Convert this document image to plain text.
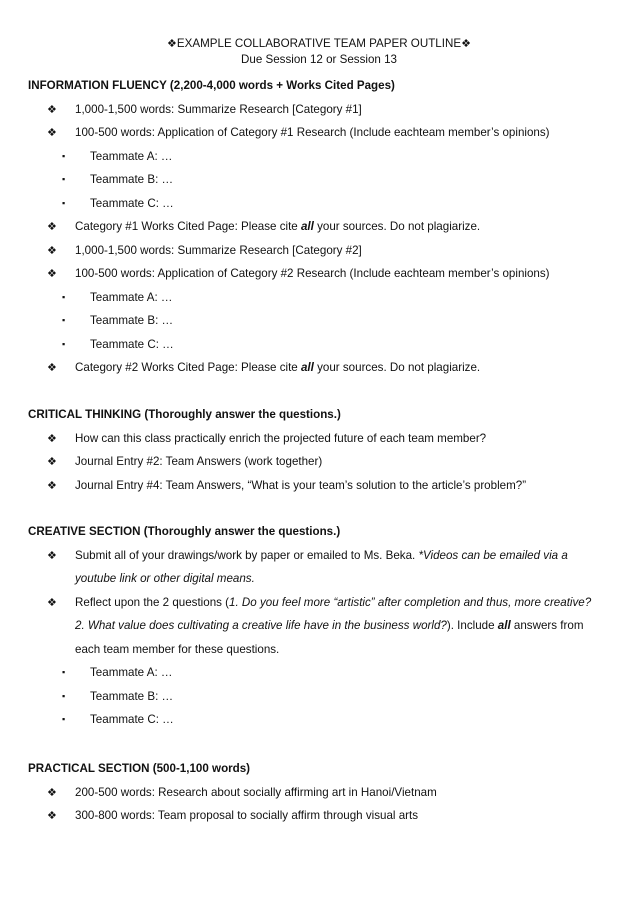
❖EXAMPLE COLLABORATIVE TEAM PAPER OUTLINE❖
Due Session 12 or Session 13
INFORMATION FLUENCY (2,200-4,000 words + Works Cited Pages)
❖ 1,000-1,500 words: Summarize Research [Category #1]
❖ 100-500 words: Application of Category #1 Research (Include eachteam member’s opinions)
▪ Teammate A: …
▪ Teammate B: …
▪ Teammate C: …
❖ Category #1 Works Cited Page: Please cite all your sources. Do not plagiarize.
❖ 1,000-1,500 words: Summarize Research [Category #2]
❖ 100-500 words: Application of Category #2 Research (Include eachteam member’s opinions)
▪ Teammate A: …
▪ Teammate B: …
▪ Teammate C: …
❖ Category #2 Works Cited Page: Please cite all your sources. Do not plagiarize.
CRITICAL THINKING (Thoroughly answer the questions.)
❖ How can this class practically enrich the projected future of each team member?
❖ Journal Entry #2: Team Answers (work together)
❖ Journal Entry #4: Team Answers, “What is your team’s solution to the article’s problem?”
CREATIVE SECTION (Thoroughly answer the questions.)
❖ Submit all of your drawings/work by paper or emailed to Ms. Beka. *Videos can be emailed via a
youtube link or other digital means.
❖ Reflect upon the 2 questions (1. Do you feel more “artistic” after completion and thus, more creative?
2. What value does cultivating a creative life have in the business world?). Include all answers from
each team member for these questions.
▪ Teammate A: …
▪ Teammate B: …
▪ Teammate C: …
PRACTICAL SECTION (500-1,100 words)
❖ 200-500 words: Research about socially affirming art in Hanoi/Vietnam
❖ 300-800 words: Team proposal to socially affirm through visual arts
